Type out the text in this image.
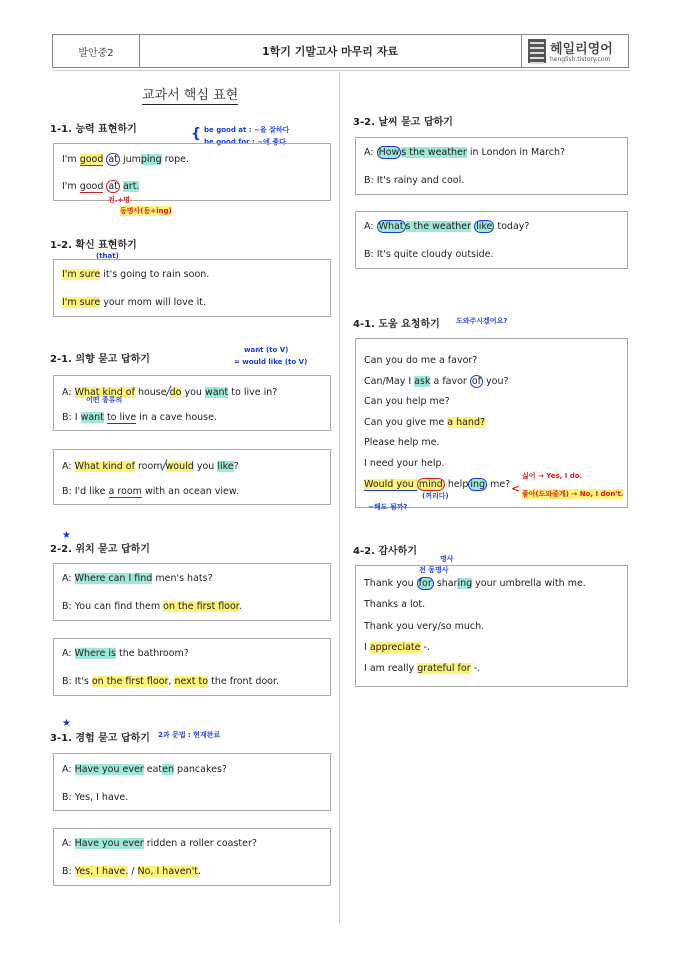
발안중2	1학기 기말고사 마무리 자료	헤일리영어
henglish.tistory.com
교과서 핵심 표현
1-1. 능력 표현하기	be good at : ~을 잘하다
be good for : ~에 좋다
{
I'm good at jumping rope.
I'm good at art.
전.+명
동명사(동+ing)
1-2. 확신 표현하기
(that)
I'm sure it's going to rain soon.
I'm sure your mom will love it.
2-1. 의향 묻고 답하기
want (to V)
= would like (to V)
A: What kind of house do you want to live in?
B: I want to live in a cave house.
어떤 종류의
A: What kind of room would you like?
B: I'd like a room with an ocean view.
2-2. 위치 묻고 답하기
★
A: Where can I find men's hats?
B: You can find them on the first floor.
A: Where is the bathroom?
B: It's on the first floor, next to the front door.
3-1. 경험 묻고 답하기
★
2과 문법 : 현재완료
A: Have you ever eaten pancakes?
B: Yes, I have.
A: Have you ever ridden a roller coaster?
B: Yes, I have. / No, I haven't.
3-2. 날씨 묻고 답하기
A: How s the weather in London in March?
B: It's rainy and cool.
A: What s the weather like today?
B: It's quite cloudy outside.
4-1. 도움 요청하기 도와주시겠어요?
Can you do me a favor?
Can/May I ask a favor of you?
Can you help me?
Can you give me a hand?
Please help me.
I need your help.
Would you mind help ing me?
(꺼리다)
~해도 될까?
<
싫어 → Yes, I do.
좋아(도와줄게) → No, I don't.
4-2. 감사하기
명사
전 동명사
Thank you for sharing your umbrella with me.
Thanks a lot.
Thank you very/so much.
I appreciate -.
I am really grateful for -.
